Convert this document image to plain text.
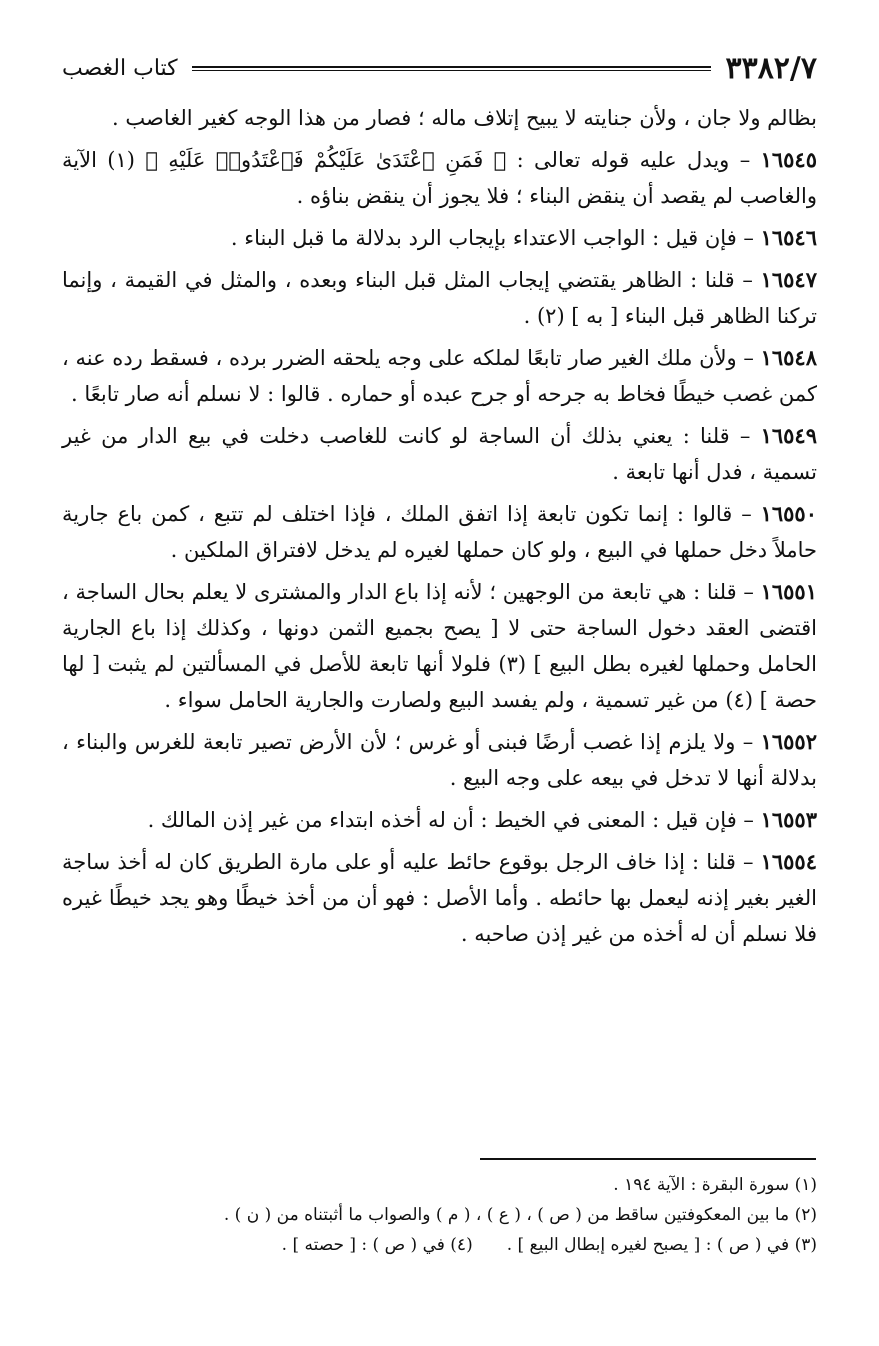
٣٣٨٢/٧
كتاب الغصب

بظالم ولا جان ، ولأن جنايته لا يبيح إتلاف ماله ؛ فصار من هذا الوجه كغير الغاصب .

١٦٥٤٥ – ويدل عليه قوله تعالى : ﴿ فَمَنِ ٱعْتَدَىٰ عَلَيْكُمْ فَٱعْتَدُوا۟ عَلَيْهِ ﴾ (١) الآية والغاصب لم يقصد أن ينقض البناء ؛ فلا يجوز أن ينقض بناؤه .

١٦٥٤٦ – فإن قيل : الواجب الاعتداء بإيجاب الرد بدلالة ما قبل البناء .

١٦٥٤٧ – قلنا : الظاهر يقتضي إيجاب المثل قبل البناء وبعده ، والمثل في القيمة ، وإنما تركنا الظاهر قبل البناء [ به ] (٢) .

١٦٥٤٨ – ولأن ملك الغير صار تابعًا لملكه على وجه يلحقه الضرر برده ، فسقط رده عنه ، كمن غصب خيطًا فخاط به جرحه أو جرح عبده أو حماره . قالوا : لا نسلم أنه صار تابعًا .

١٦٥٤٩ – قلنا : يعني بذلك أن الساجة لو كانت للغاصب دخلت في بيع الدار من غير تسمية ، فدل أنها تابعة .

١٦٥٥٠ – قالوا : إنما تكون تابعة إذا اتفق الملك ، فإذا اختلف لم تتبع ، كمن باع جارية حاملاً دخل حملها في البيع ، ولو كان حملها لغيره لم يدخل لافتراق الملكين .

١٦٥٥١ – قلنا : هي تابعة من الوجهين ؛ لأنه إذا باع الدار والمشترى لا يعلم بحال الساجة ، اقتضى العقد دخول الساجة حتى لا [ يصح بجميع الثمن دونها ، وكذلك إذا باع الجارية الحامل وحملها لغيره بطل البيع ] (٣) فلولا أنها تابعة للأصل في المسألتين لم يثبت [ لها حصة ] (٤) من غير تسمية ، ولم يفسد البيع ولصارت والجارية الحامل سواء .

١٦٥٥٢ – ولا يلزم إذا غصب أرضًا فبنى أو غرس ؛ لأن الأرض تصير تابعة للغرس والبناء ، بدلالة أنها لا تدخل في بيعه على وجه البيع .

١٦٥٥٣ – فإن قيل : المعنى في الخيط : أن له أخذه ابتداء من غير إذن المالك .

١٦٥٥٤ – قلنا : إذا خاف الرجل بوقوع حائط عليه أو على مارة الطريق كان له أخذ ساجة الغير بغير إذنه ليعمل بها حائطه . وأما الأصل : فهو أن من أخذ خيطًا وهو يجد خيطًا غيره فلا نسلم أن له أخذه من غير إذن صاحبه .

(١) سورة البقرة : الآية ١٩٤ .

(٢) ما بين المعكوفتين ساقط من ( ص ) ، ( ع ) ، ( م ) والصواب ما أثبتناه من ( ن ) .

(٣) في ( ص ) : [ يصبح لغيره إبطال البيع ] .(٤) في ( ص ) : [ حصته ] .
